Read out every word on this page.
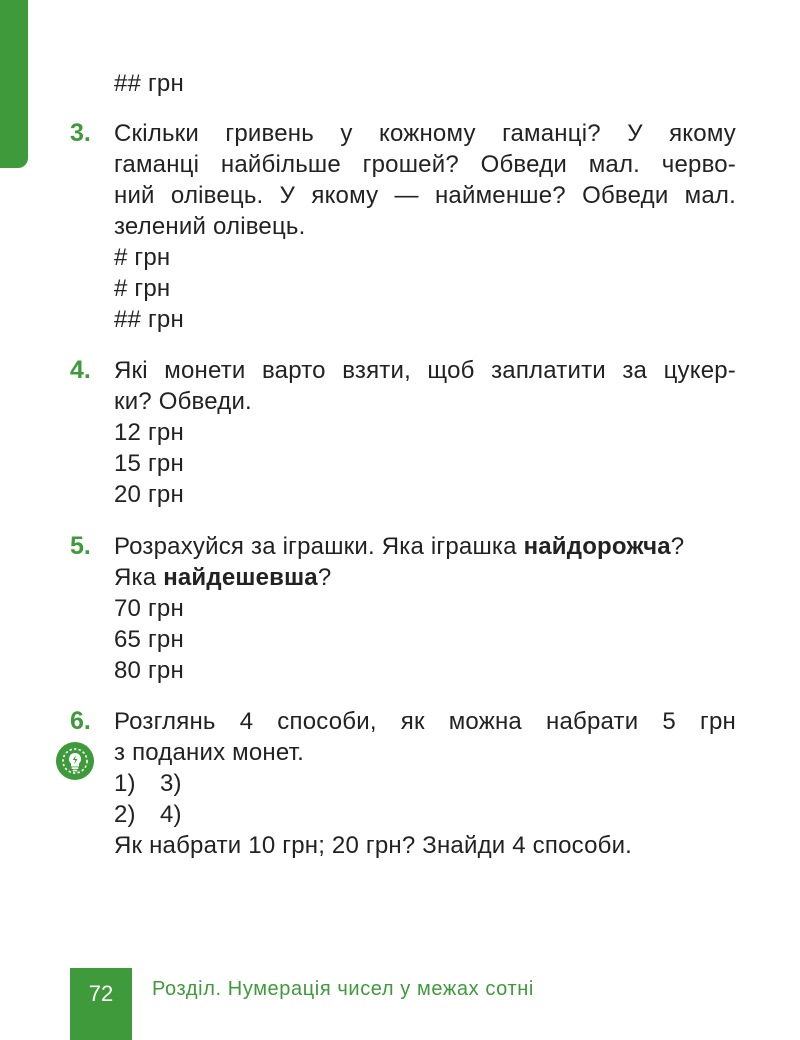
## грн
3. Скільки гривень у кожному гаманці? У якому
гаманці найбільше грошей? Обведи мал. черво-
ний олівець. У якому — найменше? Обведи мал.
зелений олівець.
# грн
# грн
## грн
4. Які монети варто взяти, щоб заплатити за цукер-
ки? Обведи.
12 грн
15 грн
20 грн
5. Розрахуйся за іграшки. Яка іграшка найдорожча?
Яка найдешевша?
70 грн
65 грн
80 грн
6. Розглянь 4 способи, як можна набрати 5 грн
з поданих монет.
1) 3)
2) 4)
Як набрати 10 грн; 20 грн? Знайди 4 способи.
72	Розділ. Нумерація чисел у межах сотні
